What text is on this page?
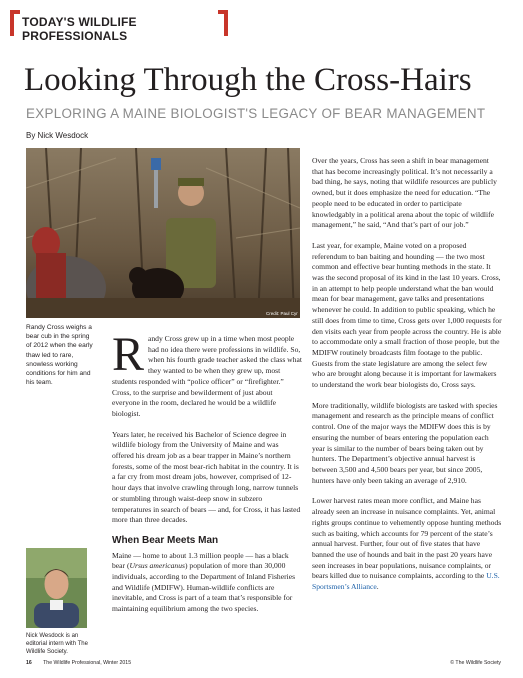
TODAY'S WILDLIFE PROFESSIONALS
Looking Through the Cross-Hairs
EXPLORING A MAINE BIOLOGIST'S LEGACY OF BEAR MANAGEMENT
By Nick Wesdock
Credit: Paul Cyr
Randy Cross weighs a bear cub in the spring of 2012 when the early thaw led to rare, snowless working conditions for him and his team.

Randy Cross grew up in a time when most people had no idea there were professions in wildlife. So, when his fourth grade teacher asked the class what they wanted to be when they grew up, most students responded with “police officer” or “firefighter.” Cross, to the surprise and bewilderment of just about everyone in the room, declared he would be a wildlife biologist.

Years later, he received his Bachelor of Science degree in wildlife biology from the University of Maine and was offered his dream job as a bear trapper in Maine’s northern forests, some of the most bear-rich habitat in the country. It is a far cry from most dream jobs, however, comprised of 12-hour days that involve crawling through long, narrow tunnels or stumbling through waist-deep snow in subzero temperatures in search of bears — and, for Cross, it has lasted more than three decades.

When Bear Meets Man

Maine — home to about 1.3 million people — has a black bear (Ursus americanus) population of more than 30,000 individuals, according to the Department of Inland Fisheries and Wildlife (MDIFW). Human-wildlife conflicts are inevitable, and Cross is part of a team that’s responsible for maintaining equilibrium among the two species.

Nick Wesdock is an editorial intern with The Wildlife Society.

Over the years, Cross has seen a shift in bear management that has become increasingly political. It’s not necessarily a bad thing, he says, noting that wildlife resources are publicly owned, but it does emphasize the need for education. “The people need to be educated in order to participate knowledgably in a political arena about the topic of wildlife management,” he said, “And that’s part of our job.”

Last year, for example, Maine voted on a proposed referendum to ban baiting and hounding — the two most common and effective bear hunting methods in the state. It was the second proposal of its kind in the last 10 years. Cross, in an attempt to help people understand what the ban would mean for bear management, gave talks and presentations whenever he could. In addition to public speaking, which he still does from time to time, Cross gets over 1,000 requests for den visits each year from people across the country. He is able to accommodate only a small fraction of those people, but the MDIFW routinely broadcasts film footage to the public. Guests from the state legislature are among the select few who are brought along because it is important for lawmakers to understand the work bear biologists do, Cross says.

More traditionally, wildlife biologists are tasked with species management and research as the principle means of conflict control. One of the major ways the MDIFW does this is by ensuring the number of bears entering the population each year is similar to the number of bears being taken out by hunters. The Department’s objective annual harvest is between 3,500 and 4,500 bears per year, but since 2005, hunters have only been taking an average of 2,910.

Lower harvest rates mean more conflict, and Maine has already seen an increase in nuisance complaints. Yet, animal rights groups continue to vehemently oppose hunting methods such as baiting, which accounts for 79 percent of the state’s annual harvest. Further, four out of five states that have banned the use of hounds and bait in the past 20 years have seen increases in bear populations, nuisance complaints, or bears killed due to nuisance complaints, according to the U.S. Sportsmen’s Alliance.

16 The Wildlife Professional, Winter 2015	© The Wildlife Society
